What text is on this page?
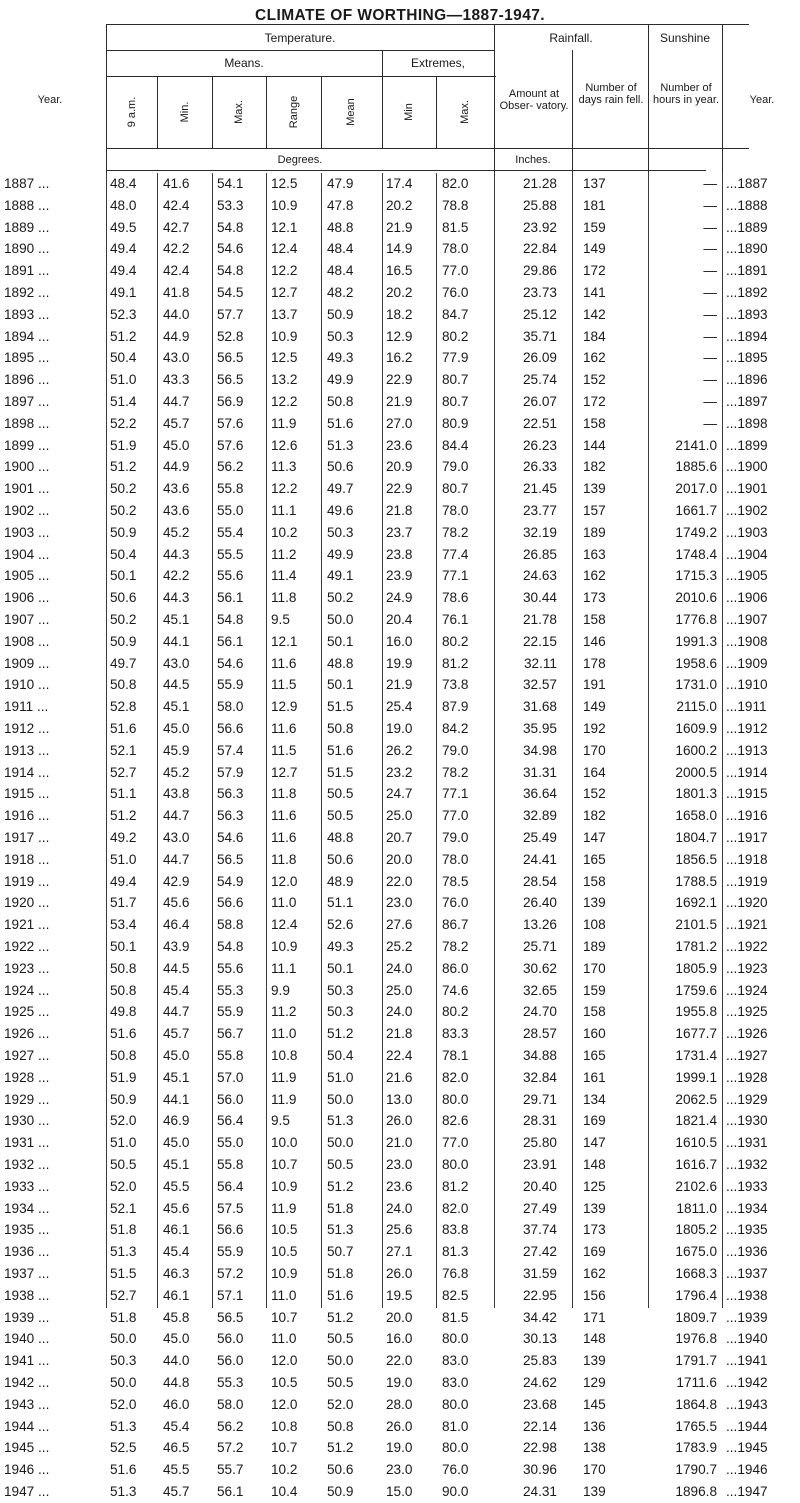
CLIMATE OF WORTHING—1887-1947.
Year.	Year.
Temperature.	Rainfall.	Sunshine
Means.	Extremes,
9 a.m.	Min.	Max.	Range	Mean	Min	Max.
Amount at Obser- vatory.
Number of days rain fell.
Number of hours in year.
Degrees.	Inches.
1887 ...	48.4 41.6 54.1 12.5 47.9 17.4 82.0	21.28 137	— ...1887
1888 ...	48.0 42.4 53.3 10.9 47.8 20.2 78.8	25.88 181	— ...1888
1889 ...	49.5 42.7 54.8 12.1 48.8 21.9 81.5	23.92 159	— ...1889
1890 ...	49.4 42.2 54.6 12.4 48.4 14.9 78.0	22.84 149	— ...1890
1891 ...	49.4 42.4 54.8 12.2 48.4 16.5 77.0	29.86 172	— ...1891
1892 ...	49.1 41.8 54.5 12.7 48.2 20.2 76.0	23.73 141	— ...1892
1893 ...	52.3 44.0 57.7 13.7 50.9 18.2 84.7	25.12 142	— ...1893
1894 ...	51.2 44.9 52.8 10.9 50.3 12.9 80.2	35.71 184	— ...1894
1895 ...	50.4 43.0 56.5 12.5 49.3 16.2 77.9	26.09 162	— ...1895
1896 ...	51.0 43.3 56.5 13.2 49.9 22.9 80.7	25.74 152	— ...1896
1897 ...	51.4 44.7 56.9 12.2 50.8 21.9 80.7	26.07 172	— ...1897
1898 ...	52.2 45.7 57.6 11.9 51.6 27.0 80.9	22.51 158	— ...1898
1899 ...	51.9 45.0 57.6 12.6 51.3 23.6 84.4	26.23 144	2141.0 ...1899
1900 ...	51.2 44.9 56.2 11.3 50.6 20.9 79.0	26.33 182	1885.6 ...1900
1901 ...	50.2 43.6 55.8 12.2 49.7 22.9 80.7	21.45 139	2017.0 ...1901
1902 ...	50.2 43.6 55.0 11.1 49.6 21.8 78.0	23.77 157	1661.7 ...1902
1903 ...	50.9 45.2 55.4 10.2 50.3 23.7 78.2	32.19 189	1749.2 ...1903
1904 ...	50.4 44.3 55.5 11.2 49.9 23.8 77.4	26.85 163	1748.4 ...1904
1905 ...	50.1 42.2 55.6 11.4 49.1 23.9 77.1	24.63 162	1715.3 ...1905
1906 ...	50.6 44.3 56.1 11.8 50.2 24.9 78.6	30.44 173	2010.6 ...1906
1907 ...	50.2 45.1 54.8 9.5	50.0 20.4 76.1	21.78 158	1776.8 ...1907
1908 ...	50.9 44.1 56.1 12.1 50.1 16.0 80.2	22.15 146	1991.3 ...1908
1909 ...	49.7 43.0 54.6 11.6 48.8 19.9 81.2	32.11 178	1958.6 ...1909
1910 ...	50.8 44.5 55.9 11.5 50.1 21.9 73.8	32.57 191	1731.0 ...1910
1911 ...	52.8 45.1 58.0 12.9 51.5 25.4 87.9	31.68 149	2115.0 ...1911
1912 ...	51.6 45.0 56.6 11.6 50.8 19.0 84.2	35.95 192	1609.9 ...1912
1913 ...	52.1 45.9 57.4 11.5 51.6 26.2 79.0	34.98 170	1600.2 ...1913
1914 ...	52.7 45.2 57.9 12.7 51.5 23.2 78.2	31.31 164	2000.5 ...1914
1915 ...	51.1 43.8 56.3 11.8 50.5 24.7 77.1	36.64 152	1801.3 ...1915
1916 ...	51.2 44.7 56.3 11.6 50.5 25.0 77.0	32.89 182	1658.0 ...1916
1917 ...	49.2 43.0 54.6 11.6 48.8 20.7 79.0	25.49 147	1804.7 ...1917
1918 ...	51.0 44.7 56.5 11.8 50.6 20.0 78.0	24.41 165	1856.5 ...1918
1919 ...	49.4 42.9 54.9 12.0 48.9 22.0 78.5	28.54 158	1788.5 ...1919
1920 ...	51.7 45.6 56.6 11.0 51.1 23.0 76.0	26.40 139	1692.1 ...1920
1921 ...	53.4 46.4 58.8 12.4 52.6 27.6 86.7	13.26 108	2101.5 ...1921
1922 ...	50.1 43.9 54.8 10.9 49.3 25.2 78.2	25.71 189	1781.2 ...1922
1923 ...	50.8 44.5 55.6 11.1 50.1 24.0 86.0	30.62 170	1805.9 ...1923
1924 ...	50.8 45.4 55.3 9.9	50.3 25.0 74.6	32.65 159	1759.6 ...1924
1925 ...	49.8 44.7 55.9 11.2 50.3 24.0 80.2	24.70 158	1955.8 ...1925
1926 ...	51.6 45.7 56.7 11.0 51.2 21.8 83.3	28.57 160	1677.7 ...1926
1927 ...	50.8 45.0 55.8 10.8 50.4 22.4 78.1	34.88 165	1731.4 ...1927
1928 ...	51.9 45.1 57.0 11.9 51.0 21.6 82.0	32.84 161	1999.1 ...1928
1929 ...	50.9 44.1 56.0 11.9 50.0 13.0 80.0	29.71 134	2062.5 ...1929
1930 ...	52.0 46.9 56.4 9.5	51.3 26.0 82.6	28.31 169	1821.4 ...1930
1931 ...	51.0 45.0 55.0 10.0 50.0 21.0 77.0	25.80 147	1610.5 ...1931
1932 ...	50.5 45.1 55.8 10.7 50.5 23.0 80.0	23.91 148	1616.7 ...1932
1933 ...	52.0 45.5 56.4 10.9 51.2 23.6 81.2	20.40 125	2102.6 ...1933
1934 ...	52.1 45.6 57.5 11.9 51.8 24.0 82.0	27.49 139	1811.0 ...1934
1935 ...	51.8 46.1 56.6 10.5 51.3 25.6 83.8	37.74 173	1805.2 ...1935
1936 ...	51.3 45.4 55.9 10.5 50.7 27.1 81.3	27.42 169	1675.0 ...1936
1937 ...	51.5 46.3 57.2 10.9 51.8 26.0 76.8	31.59 162	1668.3 ...1937
1938 ...	52.7 46.1 57.1 11.0 51.6 19.5 82.5	22.95 156	1796.4 ...1938
1939 ...	51.8 45.8 56.5 10.7 51.2 20.0 81.5	34.42 171	1809.7 ...1939
1940 ...	50.0 45.0 56.0 11.0 50.5 16.0 80.0	30.13 148	1976.8 ...1940
1941 ...	50.3 44.0 56.0 12.0 50.0 22.0 83.0	25.83 139	1791.7 ...1941
1942 ...	50.0 44.8 55.3 10.5 50.5 19.0 83.0	24.62 129	1711.6 ...1942
1943 ...	52.0 46.0 58.0 12.0 52.0 28.0 80.0	23.68 145	1864.8 ...1943
1944 ...	51.3 45.4 56.2 10.8 50.8 26.0 81.0	22.14 136	1765.5 ...1944
1945 ...	52.5 46.5 57.2 10.7 51.2 19.0 80.0	22.98 138	1783.9 ...1945
1946 ...	51.6 45.5 55.7 10.2 50.6 23.0 76.0	30.96 170	1790.7 ...1946
1947 ...	51.3 45.7 56.1 10.4 50.9 15.0 90.0	24.31 139	1896.8 ...1947
